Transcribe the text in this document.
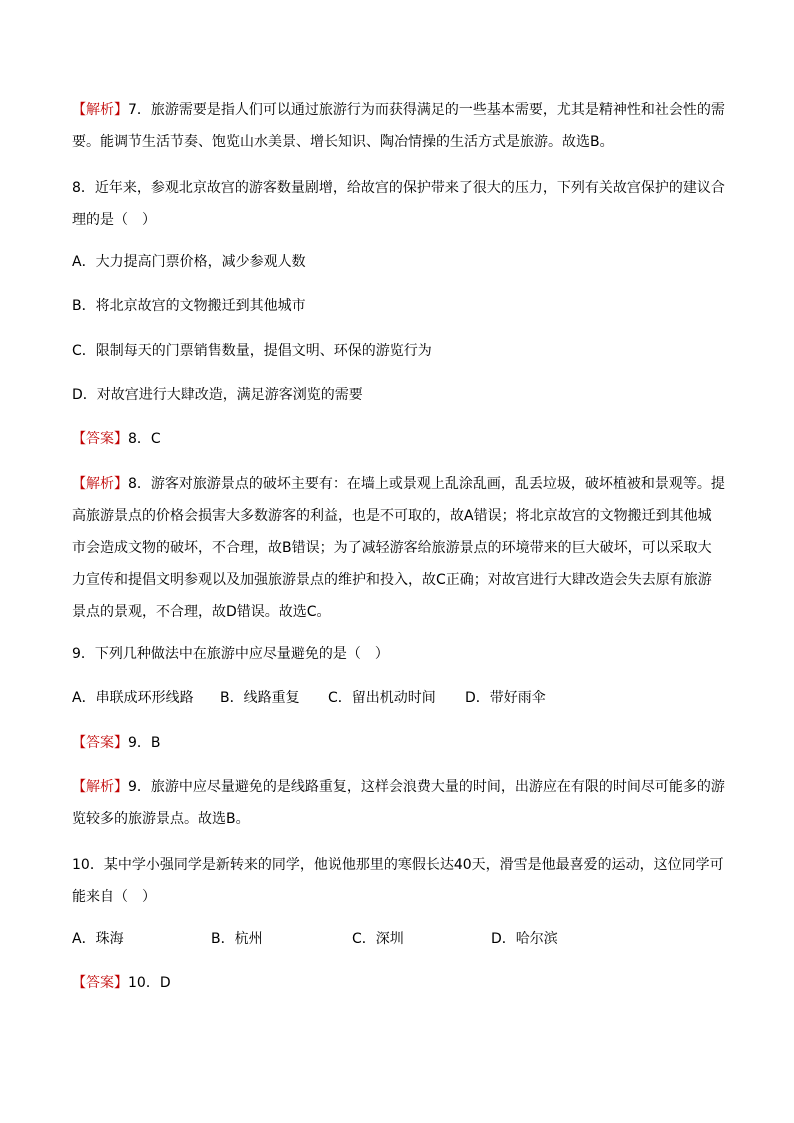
【解析】7．旅游需要是指人们可以通过旅游行为而获得满足的一些基本需要，尤其是精神性和社会性的需
要。能调节生活节奏、饱览山水美景、增长知识、陶冶情操的生活方式是旅游。故选B。
8．近年来，参观北京故宫的游客数量剧增，给故宫的保护带来了很大的压力，下列有关故宫保护的建议合
理的是（　）
A．大力提高门票价格，减少参观人数
B．将北京故宫的文物搬迁到其他城市
C．限制每天的门票销售数量，提倡文明、环保的游览行为
D．对故宫进行大肆改造，满足游客浏览的需要
【答案】8．C
【解析】8．游客对旅游景点的破坏主要有：在墙上或景观上乱涂乱画，乱丢垃圾，破坏植被和景观等。提
高旅游景点的价格会损害大多数游客的利益，也是不可取的，故A错误；将北京故宫的文物搬迁到其他城
市会造成文物的破坏，不合理，故B错误；为了减轻游客给旅游景点的环境带来的巨大破坏，可以采取大
力宣传和提倡文明参观以及加强旅游景点的维护和投入，故C正确；对故宫进行大肆改造会失去原有旅游
景点的景观，不合理，故D错误。故选C。
9．下列几种做法中在旅游中应尽量避免的是（　）
A．串联成环形线路 B．线路重复 C．留出机动时间 D．带好雨伞
【答案】9．B
【解析】9．旅游中应尽量避免的是线路重复，这样会浪费大量的时间，出游应在有限的时间尽可能多的游
览较多的旅游景点。故选B。
10．某中学小强同学是新转来的同学，他说他那里的寒假长达40天，滑雪是他最喜爱的运动，这位同学可
能来自（　）
A．珠海	B．杭州	C．深圳	D．哈尔滨
【答案】10．D
